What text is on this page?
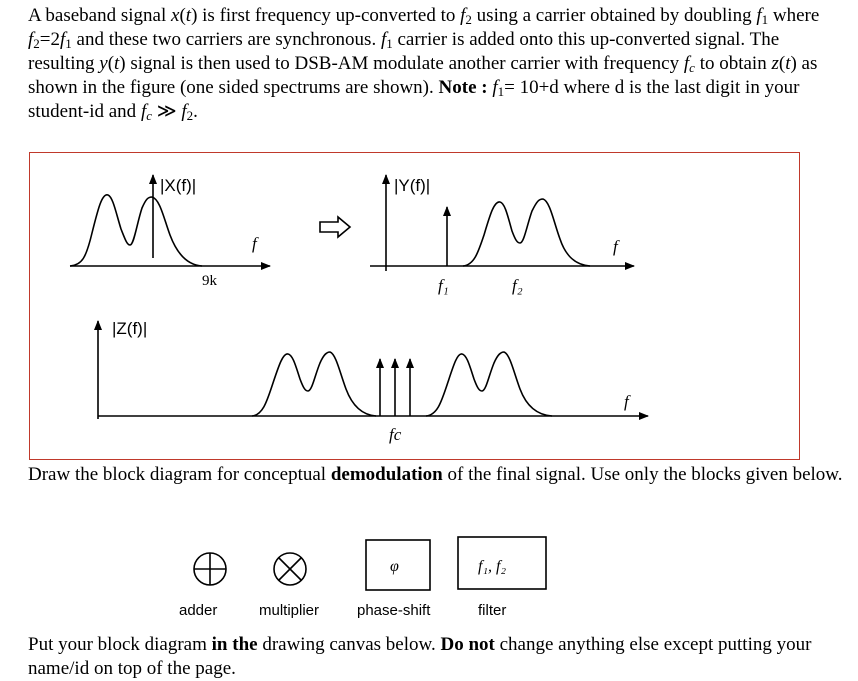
A baseband signal x(t) is first frequency up-converted to $f_2$ using a carrier obtained by doubling $f_1$ where $f_2=2f_1$ and these two carriers are synchronous. $f_1$ carrier is added onto this up-converted signal. The resulting y(t) signal is then used to DSB-AM modulate another carrier with frequency $f_c$ to obtain z(t) as shown in the figure (one sided spectrums are shown). Note : $f_1= 10+d$ where d is the last digit in your student-id and $f_c$ ≫ $f_2$.

|X(f)|
f
9k
|Y(f)|
f
f₁	f₂
|Z(f)|
f
fc

Draw the block diagram for conceptual demodulation of the final signal. Use only the blocks given below.

φ	f₁, f₂
adder	multiplier	phase-shift	filter

Put your block diagram in the drawing canvas below. Do not change anything else except putting your name/id on top of the page.
